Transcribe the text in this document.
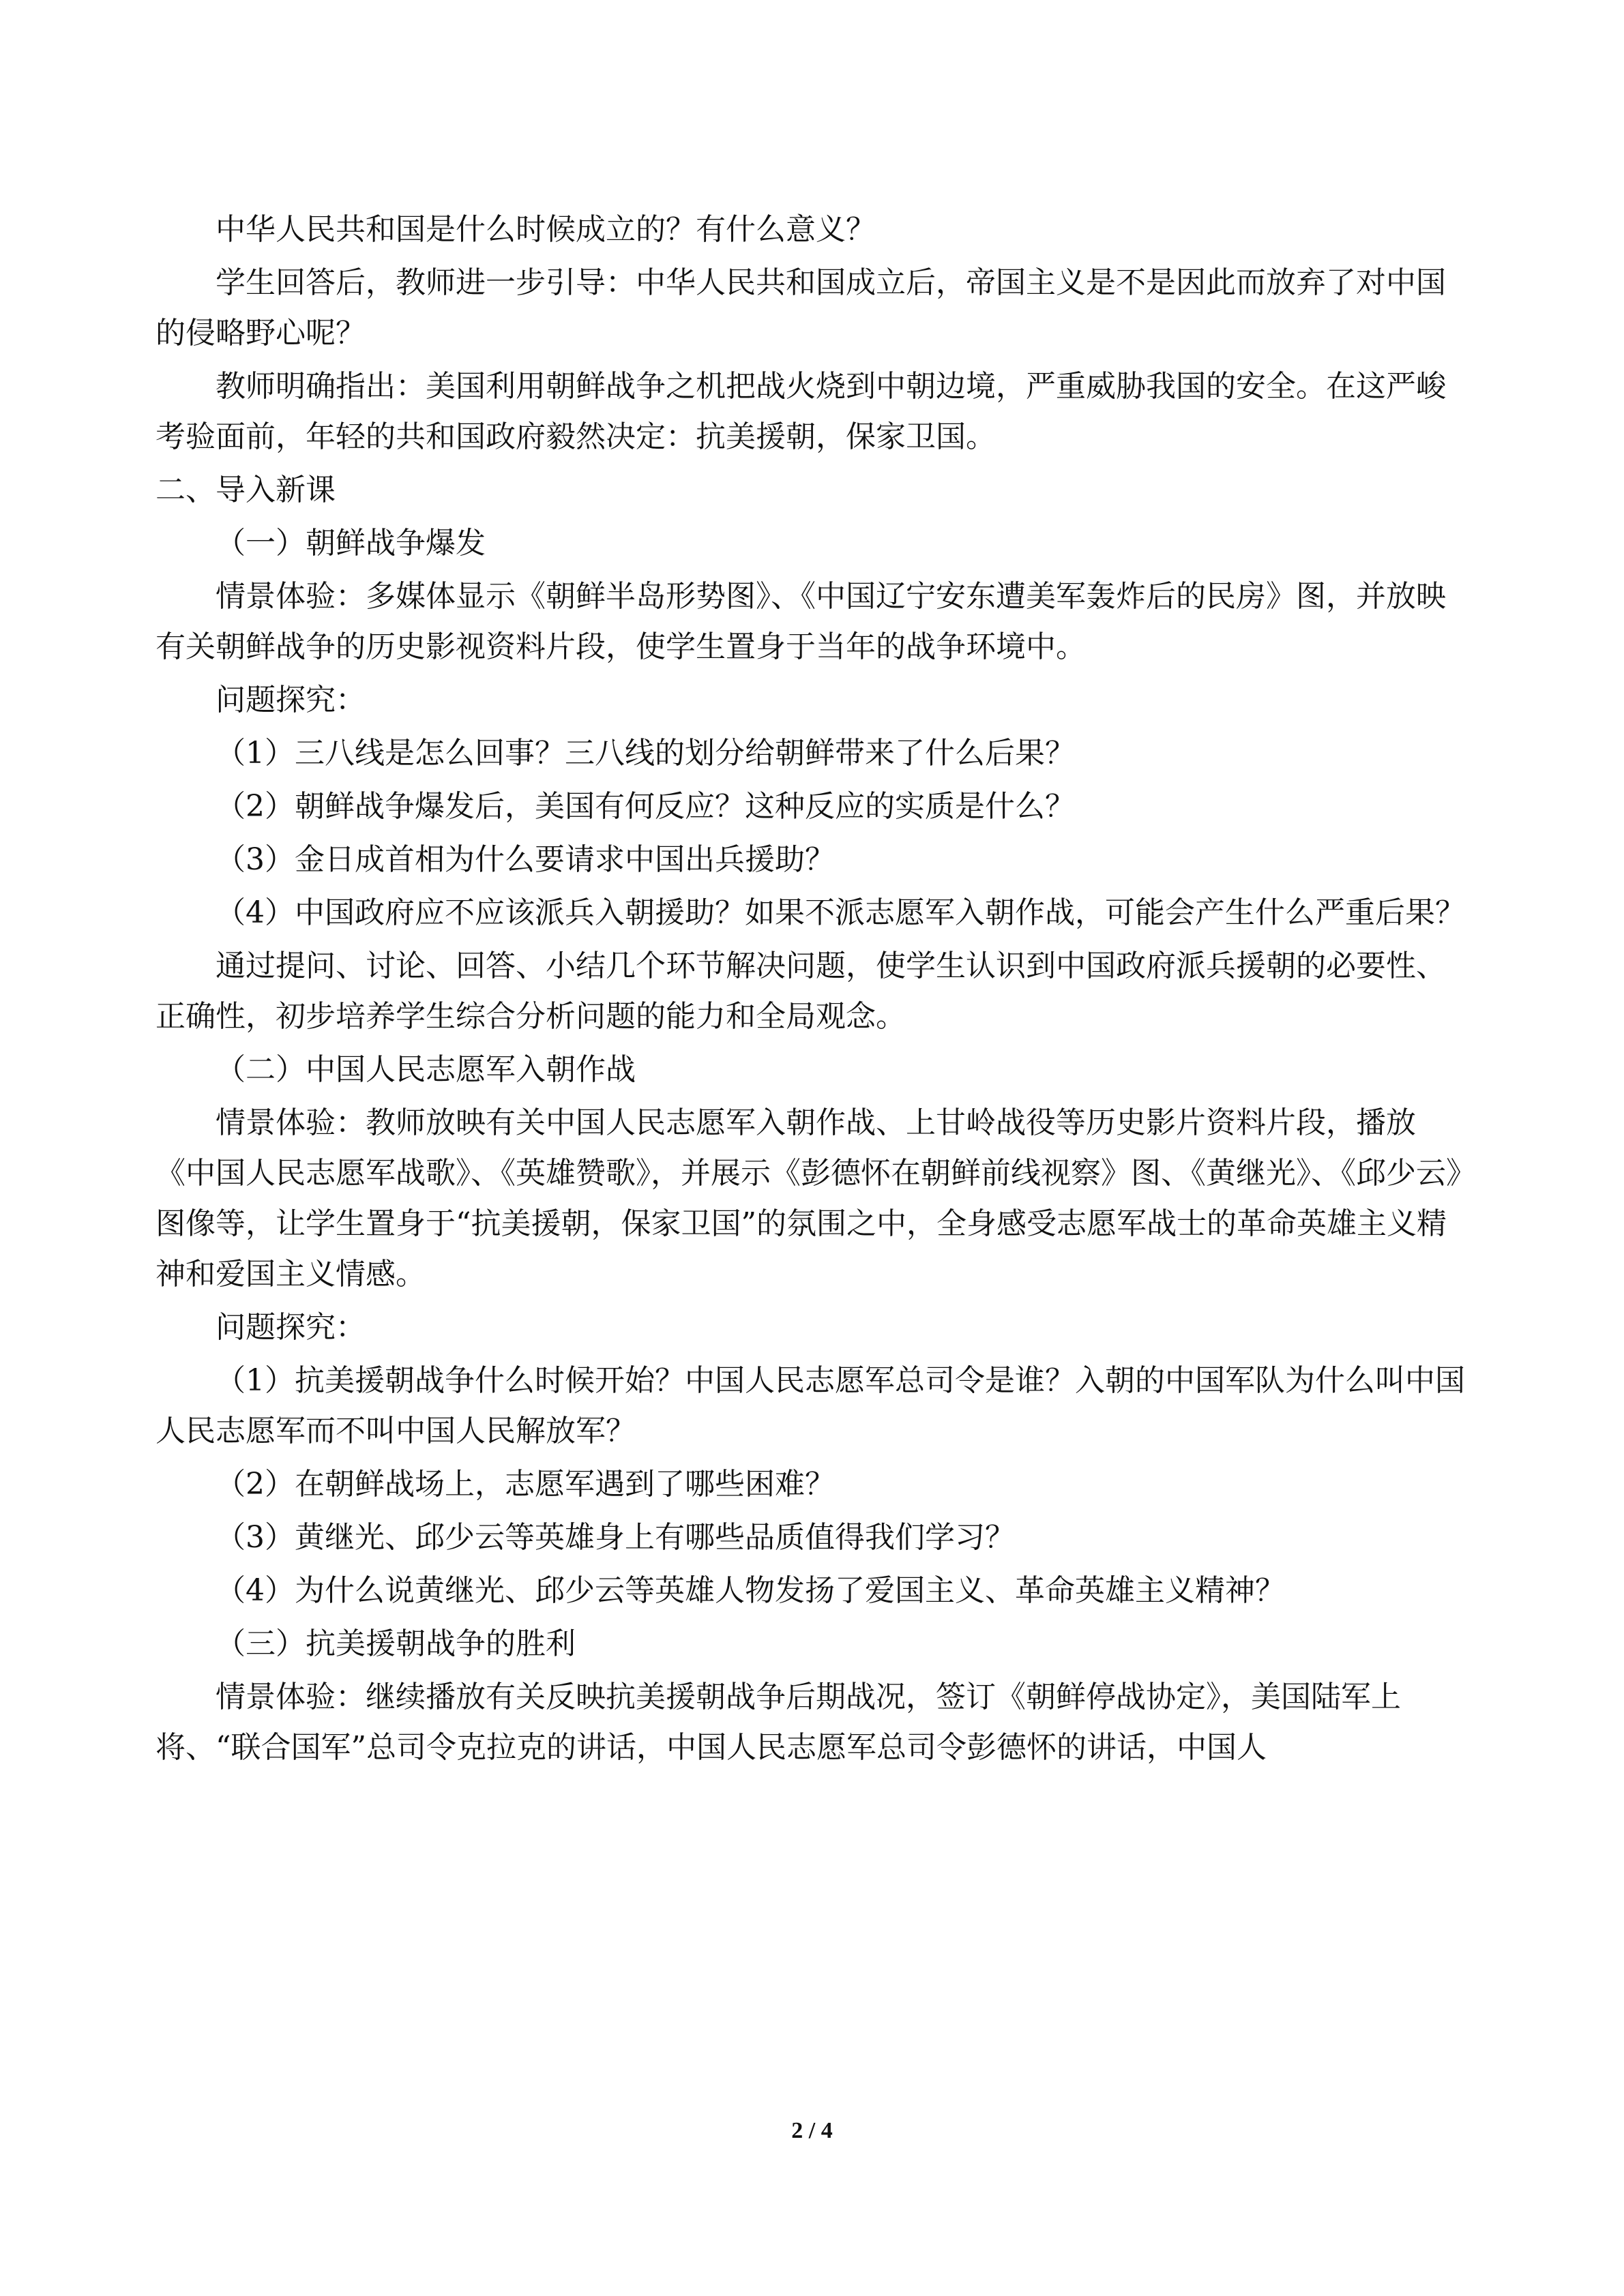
中华人民共和国是什么时候成立的？有什么意义？

学生回答后，教师进一步引导：中华人民共和国成立后，帝国主义是不是因此而放弃了对中国的侵略野心呢？

教师明确指出：美国利用朝鲜战争之机把战火烧到中朝边境，严重威胁我国的安全。在这严峻考验面前，年轻的共和国政府毅然决定：抗美援朝，保家卫国。

二、导入新课

（一）朝鲜战争爆发

情景体验：多媒体显示《朝鲜半岛形势图》、《中国辽宁安东遭美军轰炸后的民房》图，并放映有关朝鲜战争的历史影视资料片段，使学生置身于当年的战争环境中。

问题探究：

（1）三八线是怎么回事？三八线的划分给朝鲜带来了什么后果？

（2）朝鲜战争爆发后，美国有何反应？这种反应的实质是什么？

（3）金日成首相为什么要请求中国出兵援助？

（4）中国政府应不应该派兵入朝援助？如果不派志愿军入朝作战，可能会产生什么严重后果？

通过提问、讨论、回答、小结几个环节解决问题，使学生认识到中国政府派兵援朝的必要性、正确性，初步培养学生综合分析问题的能力和全局观念。

（二）中国人民志愿军入朝作战

情景体验：教师放映有关中国人民志愿军入朝作战、上甘岭战役等历史影片资料片段，播放《中国人民志愿军战歌》、《英雄赞歌》，并展示《彭德怀在朝鲜前线视察》图、《黄继光》、《邱少云》图像等，让学生置身于“抗美援朝，保家卫国”的氛围之中，全身感受志愿军战士的革命英雄主义精神和爱国主义情感。

问题探究：

（1）抗美援朝战争什么时候开始？中国人民志愿军总司令是谁？入朝的中国军队为什么叫中国人民志愿军而不叫中国人民解放军？

（2）在朝鲜战场上，志愿军遇到了哪些困难？

（3）黄继光、邱少云等英雄身上有哪些品质值得我们学习？

（4）为什么说黄继光、邱少云等英雄人物发扬了爱国主义、革命英雄主义精神？

（三）抗美援朝战争的胜利

情景体验：继续播放有关反映抗美援朝战争后期战况，签订《朝鲜停战协定》，美国陆军上将、“联合国军”总司令克拉克的讲话，中国人民志愿军总司令彭德怀的讲话，中国人

2 / 4
